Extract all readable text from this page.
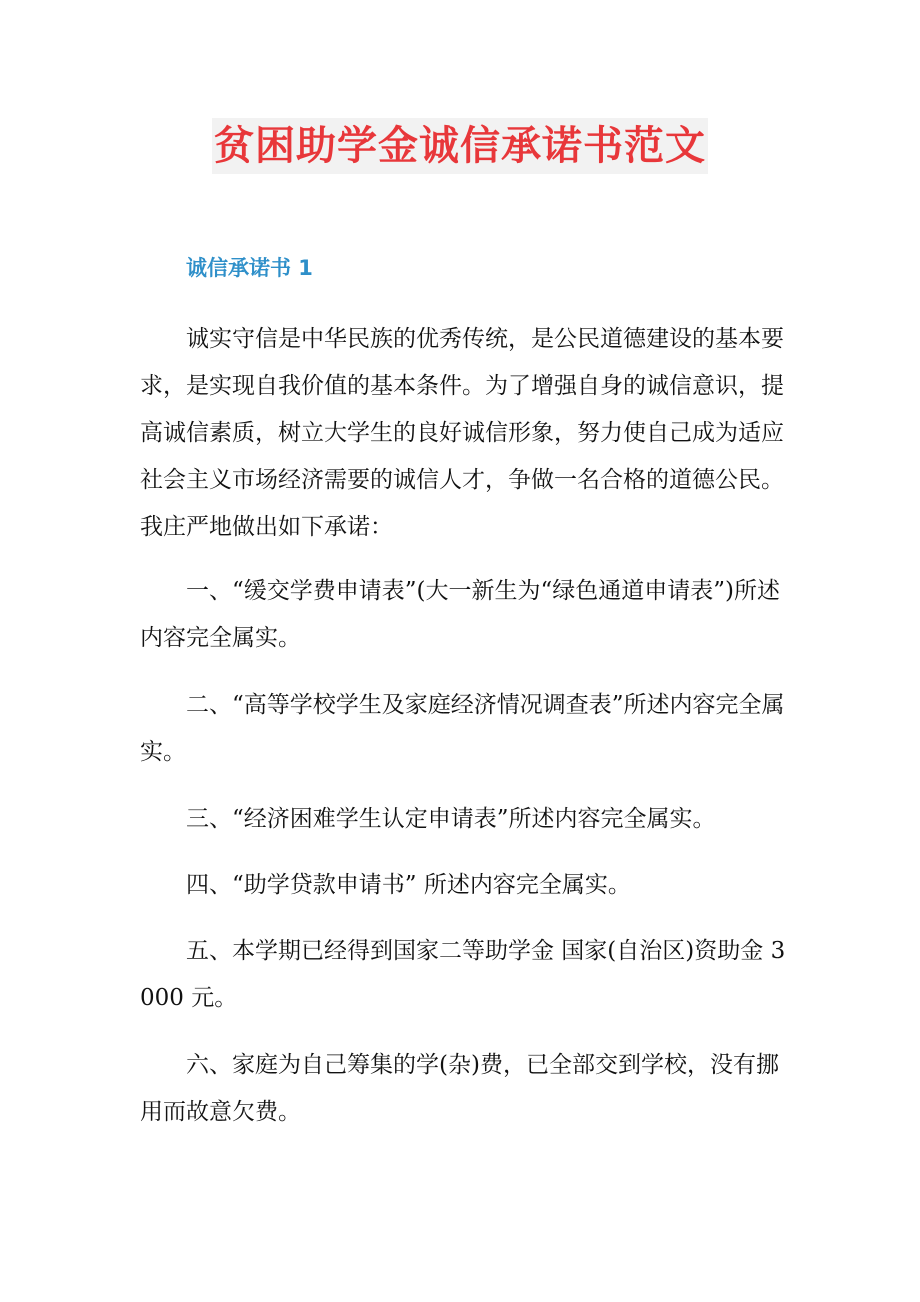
贫困助学金诚信承诺书范文
诚信承诺书 1

诚实守信是中华民族的优秀传统，是公民道德建设的基本要求，是实现自我价值的基本条件。为了增强自身的诚信意识，提高诚信素质，树立大学生的良好诚信形象，努力使自己成为适应社会主义市场经济需要的诚信人才，争做一名合格的道德公民。我庄严地做出如下承诺：

一、“缓交学费申请表”(大一新生为“绿色通道申请表”)所述内容完全属实。

二、“高等学校学生及家庭经济情况调查表”所述内容完全属实。

三、“经济困难学生认定申请表”所述内容完全属实。

四、“助学贷款申请书” 所述内容完全属实。

五、本学期已经得到国家二等助学金 国家(自治区)资助金 3000 元。

六、家庭为自己筹集的学(杂)费，已全部交到学校，没有挪用而故意欠费。
